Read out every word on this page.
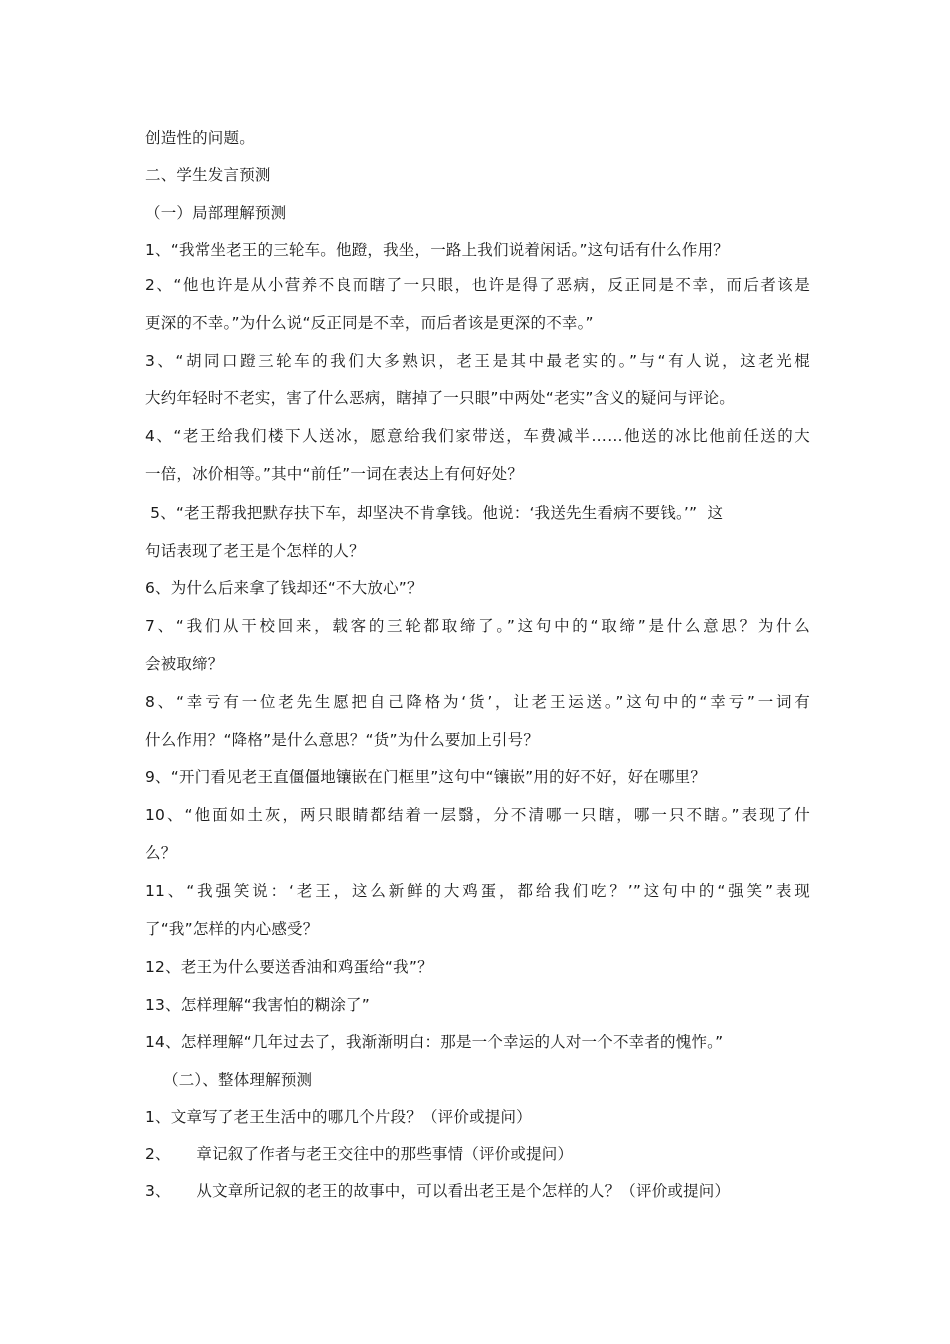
创造性的问题。
二、学生发言预测
（一）局部理解预测
1、“我常坐老王的三轮车。他蹬，我坐，一路上我们说着闲话。”这句话有什么作用？
2、“他也许是从小营养不良而瞎了一只眼，也许是得了恶病，反正同是不幸，而后者该是
更深的不幸。”为什么说“反正同是不幸，而后者该是更深的不幸。”
3、“胡同口蹬三轮车的我们大多熟识，老王是其中最老实的。”与“有人说，这老光棍
大约年轻时不老实，害了什么恶病，瞎掉了一只眼”中两处“老实”含义的疑问与评论。
4、“老王给我们楼下人送冰，愿意给我们家带送，车费减半……他送的冰比他前任送的大
一倍，冰价相等。”其中“前任”一词在表达上有何好处？
5、“老王帮我把默存扶下车，却坚决不肯拿钱。他说：‘我送先生看病不要钱。’”  这
句话表现了老王是个怎样的人？
6、为什么后来拿了钱却还“不大放心”？
7、“我们从干校回来，载客的三轮都取缔了。”这句中的“取缔”是什么意思？为什么
会被取缔？
8、“幸亏有一位老先生愿把自己降格为‘货’，让老王运送。”这句中的“幸亏”一词有
什么作用？“降格”是什么意思？“货”为什么要加上引号？
9、“开门看见老王直僵僵地镶嵌在门框里”这句中“镶嵌”用的好不好，好在哪里？
10、“他面如土灰，两只眼睛都结着一层翳，分不清哪一只瞎，哪一只不瞎。”表现了什
么？
11、“我强笑说：‘老王，这么新鲜的大鸡蛋，都给我们吃？’”这句中的“强笑”表现
了“我”怎样的内心感受？
12、老王为什么要送香油和鸡蛋给“我”？
13、怎样理解“我害怕的糊涂了”
14、怎样理解“几年过去了，我渐渐明白：那是一个幸运的人对一个不幸者的愧怍。”
（二）、整体理解预测
1、文章写了老王生活中的哪几个片段？（评价或提问）
2、     章记叙了作者与老王交往中的那些事情（评价或提问）
3、     从文章所记叙的老王的故事中，可以看出老王是个怎样的人？（评价或提问）
